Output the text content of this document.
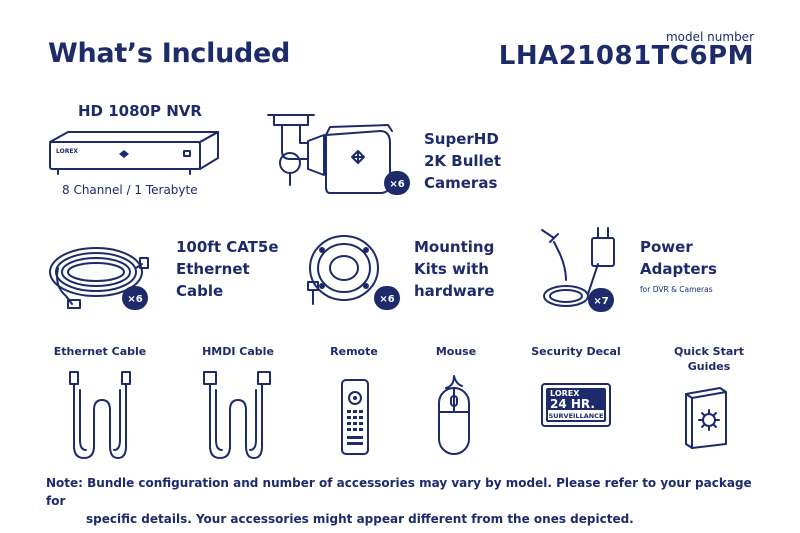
What’s Included
model number
LHA21081TC6PM
HD 1080P NVR
LOREX
8 Channel / 1 Terabyte	×6
SuperHD
2K Bullet
Cameras
×6
100ft CAT5e
Ethernet
Cable	×6
Mounting
Kits with
hardware
×7
Power
Adapters
for DVR & Cameras
Ethernet Cable	HMDI Cable	Remote	Mouse	Security Decal	Quick Start
Guides
LOREX
24 HR.
SURVEILLANCE
Note: Bundle configuration and number of accessories may vary by model. Please refer to your package for
specific details. Your accessories might appear different from the ones depicted.
